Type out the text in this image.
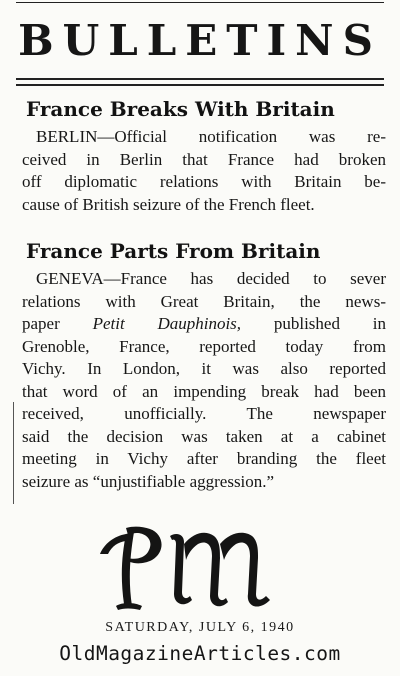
BULLETINS
France Breaks With Britain

BERLIN—Official notification was re-
ceived in Berlin that France had broken
off diplomatic relations with Britain be-
cause of British seizure of the French fleet.

France Parts From Britain

GENEVA—France has decided to sever
relations with Great Britain, the news-
paper Petit Dauphinois, published in
Grenoble, France, reported today from
Vichy. In London, it was also reported
that word of an impending break had been
received, unofficially. The newspaper
said the decision was taken at a cabinet
meeting in Vichy after branding the fleet
seizure as “unjustifiable aggression.”

SATURDAY, JULY 6, 1940
OldMagazineArticles.com
